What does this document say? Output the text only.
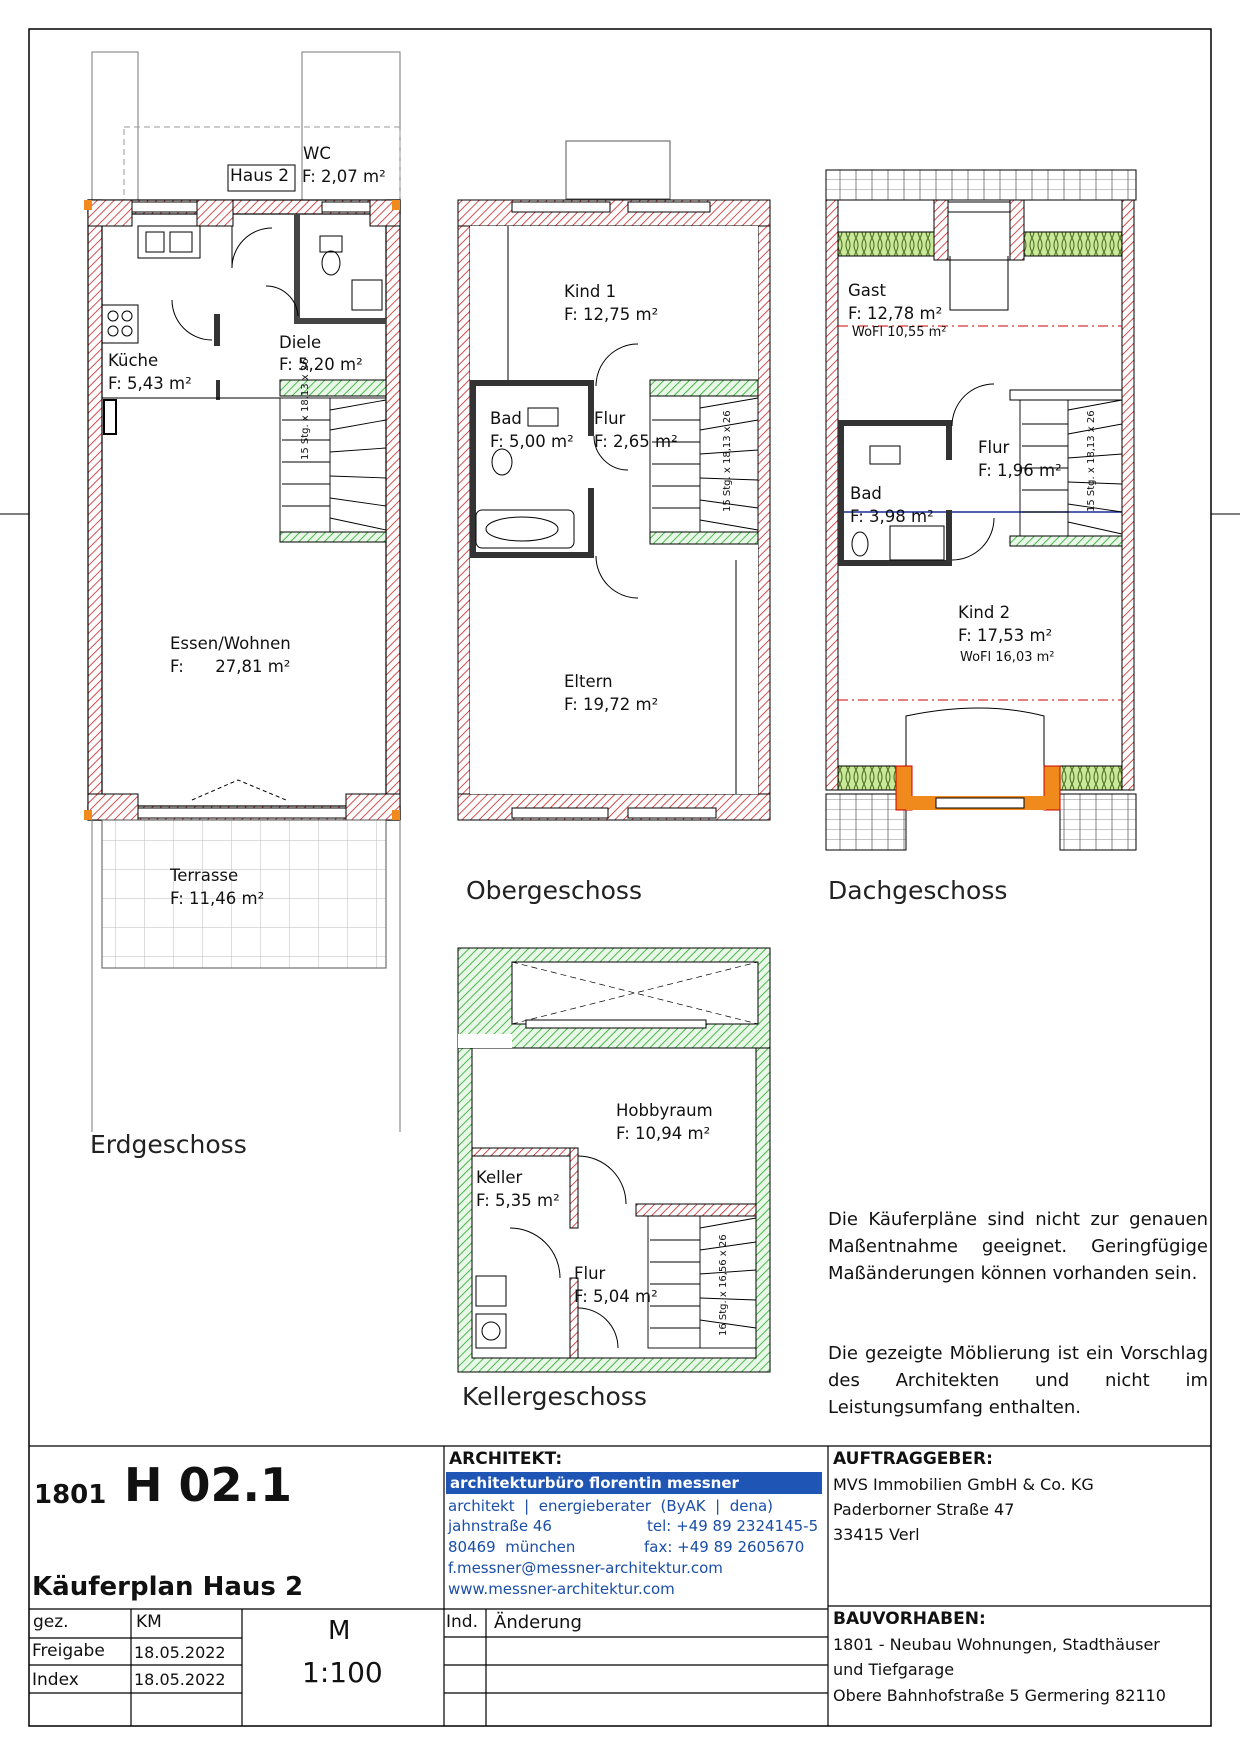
WC
Haus 2 F: 2,07 m²
Diele
F: 5,20 m²
Küche
F: 5,43 m²
Essen/Wohnen
F:      27,81 m²
Terrasse
F: 11,46 m²
15 Stg. x 18,13 x 26
Kind 1
F: 12,75 m²
Bad
F: 5,00 m²
Flur
F: 2,65 m²
Eltern
F: 19,72 m²
15 Stg. x 18,13 x 26
Gast
F: 12,78 m²
WoFl 10,55 m²
Flur
F: 1,96 m²
Bad
F: 3,98 m²
Kind 2
F: 17,53 m²
WoFl 16,03 m²
15 Stg. x 18,13 x 26
Hobbyraum
F: 10,94 m²
Keller
F: 5,35 m²
Flur
F: 5,04 m²	16 Stg. x 16,56 x 26
Erdgeschoss
Obergeschoss	Dachgeschoss
Kellergeschoss
Die Käuferpläne sind nicht zur genauen Maßentnahme geeignet. Geringfügige Maßänderungen können vorhanden sein.
Die gezeigte Möblierung ist ein Vorschlag des Architekten und nicht im Leistungsumfang enthalten.
1801 H 02.1
Käuferplan Haus 2
ARCHITEKT:
architekturbüro florentin messner
architekt  |  energieberater  (ByAK  |  dena)
jahnstraße 46	tel: +49 89 2324145-5
80469  münchen	fax: +49 89 2605670
f.messner@messner-architektur.com
www.messner-architektur.com
AUFTRAGGEBER:
MVS Immobilien GmbH & Co. KG
Paderborner Straße 47
33415 Verl
gez.	KM
Freigabe 18.05.2022
Index	18.05.2022
M
1:100
Ind. Änderung	BAUVORHABEN:
1801 - Neubau Wohnungen, Stadthäuser
und Tiefgarage
Obere Bahnhofstraße 5 Germering 82110
